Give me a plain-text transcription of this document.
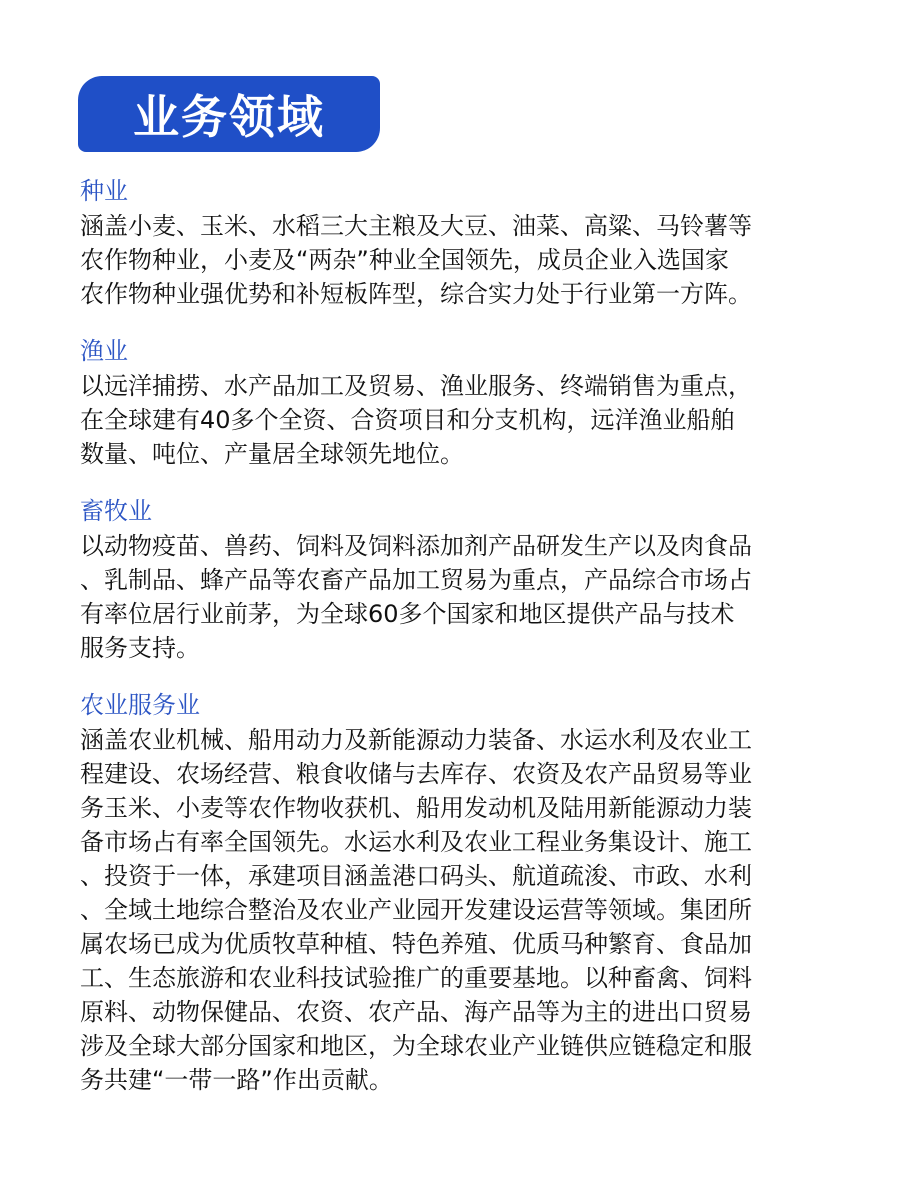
业务领域
种业
涵盖小麦、玉米、水稻三大主粮及大豆、油菜、高粱、马铃薯等
农作物种业，小麦及“两杂”种业全国领先，成员企业入选国家
农作物种业强优势和补短板阵型，综合实力处于行业第一方阵。
渔业
以远洋捕捞、水产品加工及贸易、渔业服务、终端销售为重点，
在全球建有40多个全资、合资项目和分支机构，远洋渔业船舶
数量、吨位、产量居全球领先地位。
畜牧业
以动物疫苗、兽药、饲料及饲料添加剂产品研发生产以及肉食品
、乳制品、蜂产品等农畜产品加工贸易为重点，产品综合市场占
有率位居行业前茅，为全球60多个国家和地区提供产品与技术
服务支持。
农业服务业
涵盖农业机械、船用动力及新能源动力装备、水运水利及农业工
程建设、农场经营、粮食收储与去库存、农资及农产品贸易等业
务玉米、小麦等农作物收获机、船用发动机及陆用新能源动力装
备市场占有率全国领先。水运水利及农业工程业务集设计、施工
、投资于一体，承建项目涵盖港口码头、航道疏浚、市政、水利
、全域土地综合整治及农业产业园开发建设运营等领域。集团所
属农场已成为优质牧草种植、特色养殖、优质马种繁育、食品加
工、生态旅游和农业科技试验推广的重要基地。以种畜禽、饲料
原料、动物保健品、农资、农产品、海产品等为主的进出口贸易
涉及全球大部分国家和地区，为全球农业产业链供应链稳定和服
务共建“一带一路”作出贡献。
